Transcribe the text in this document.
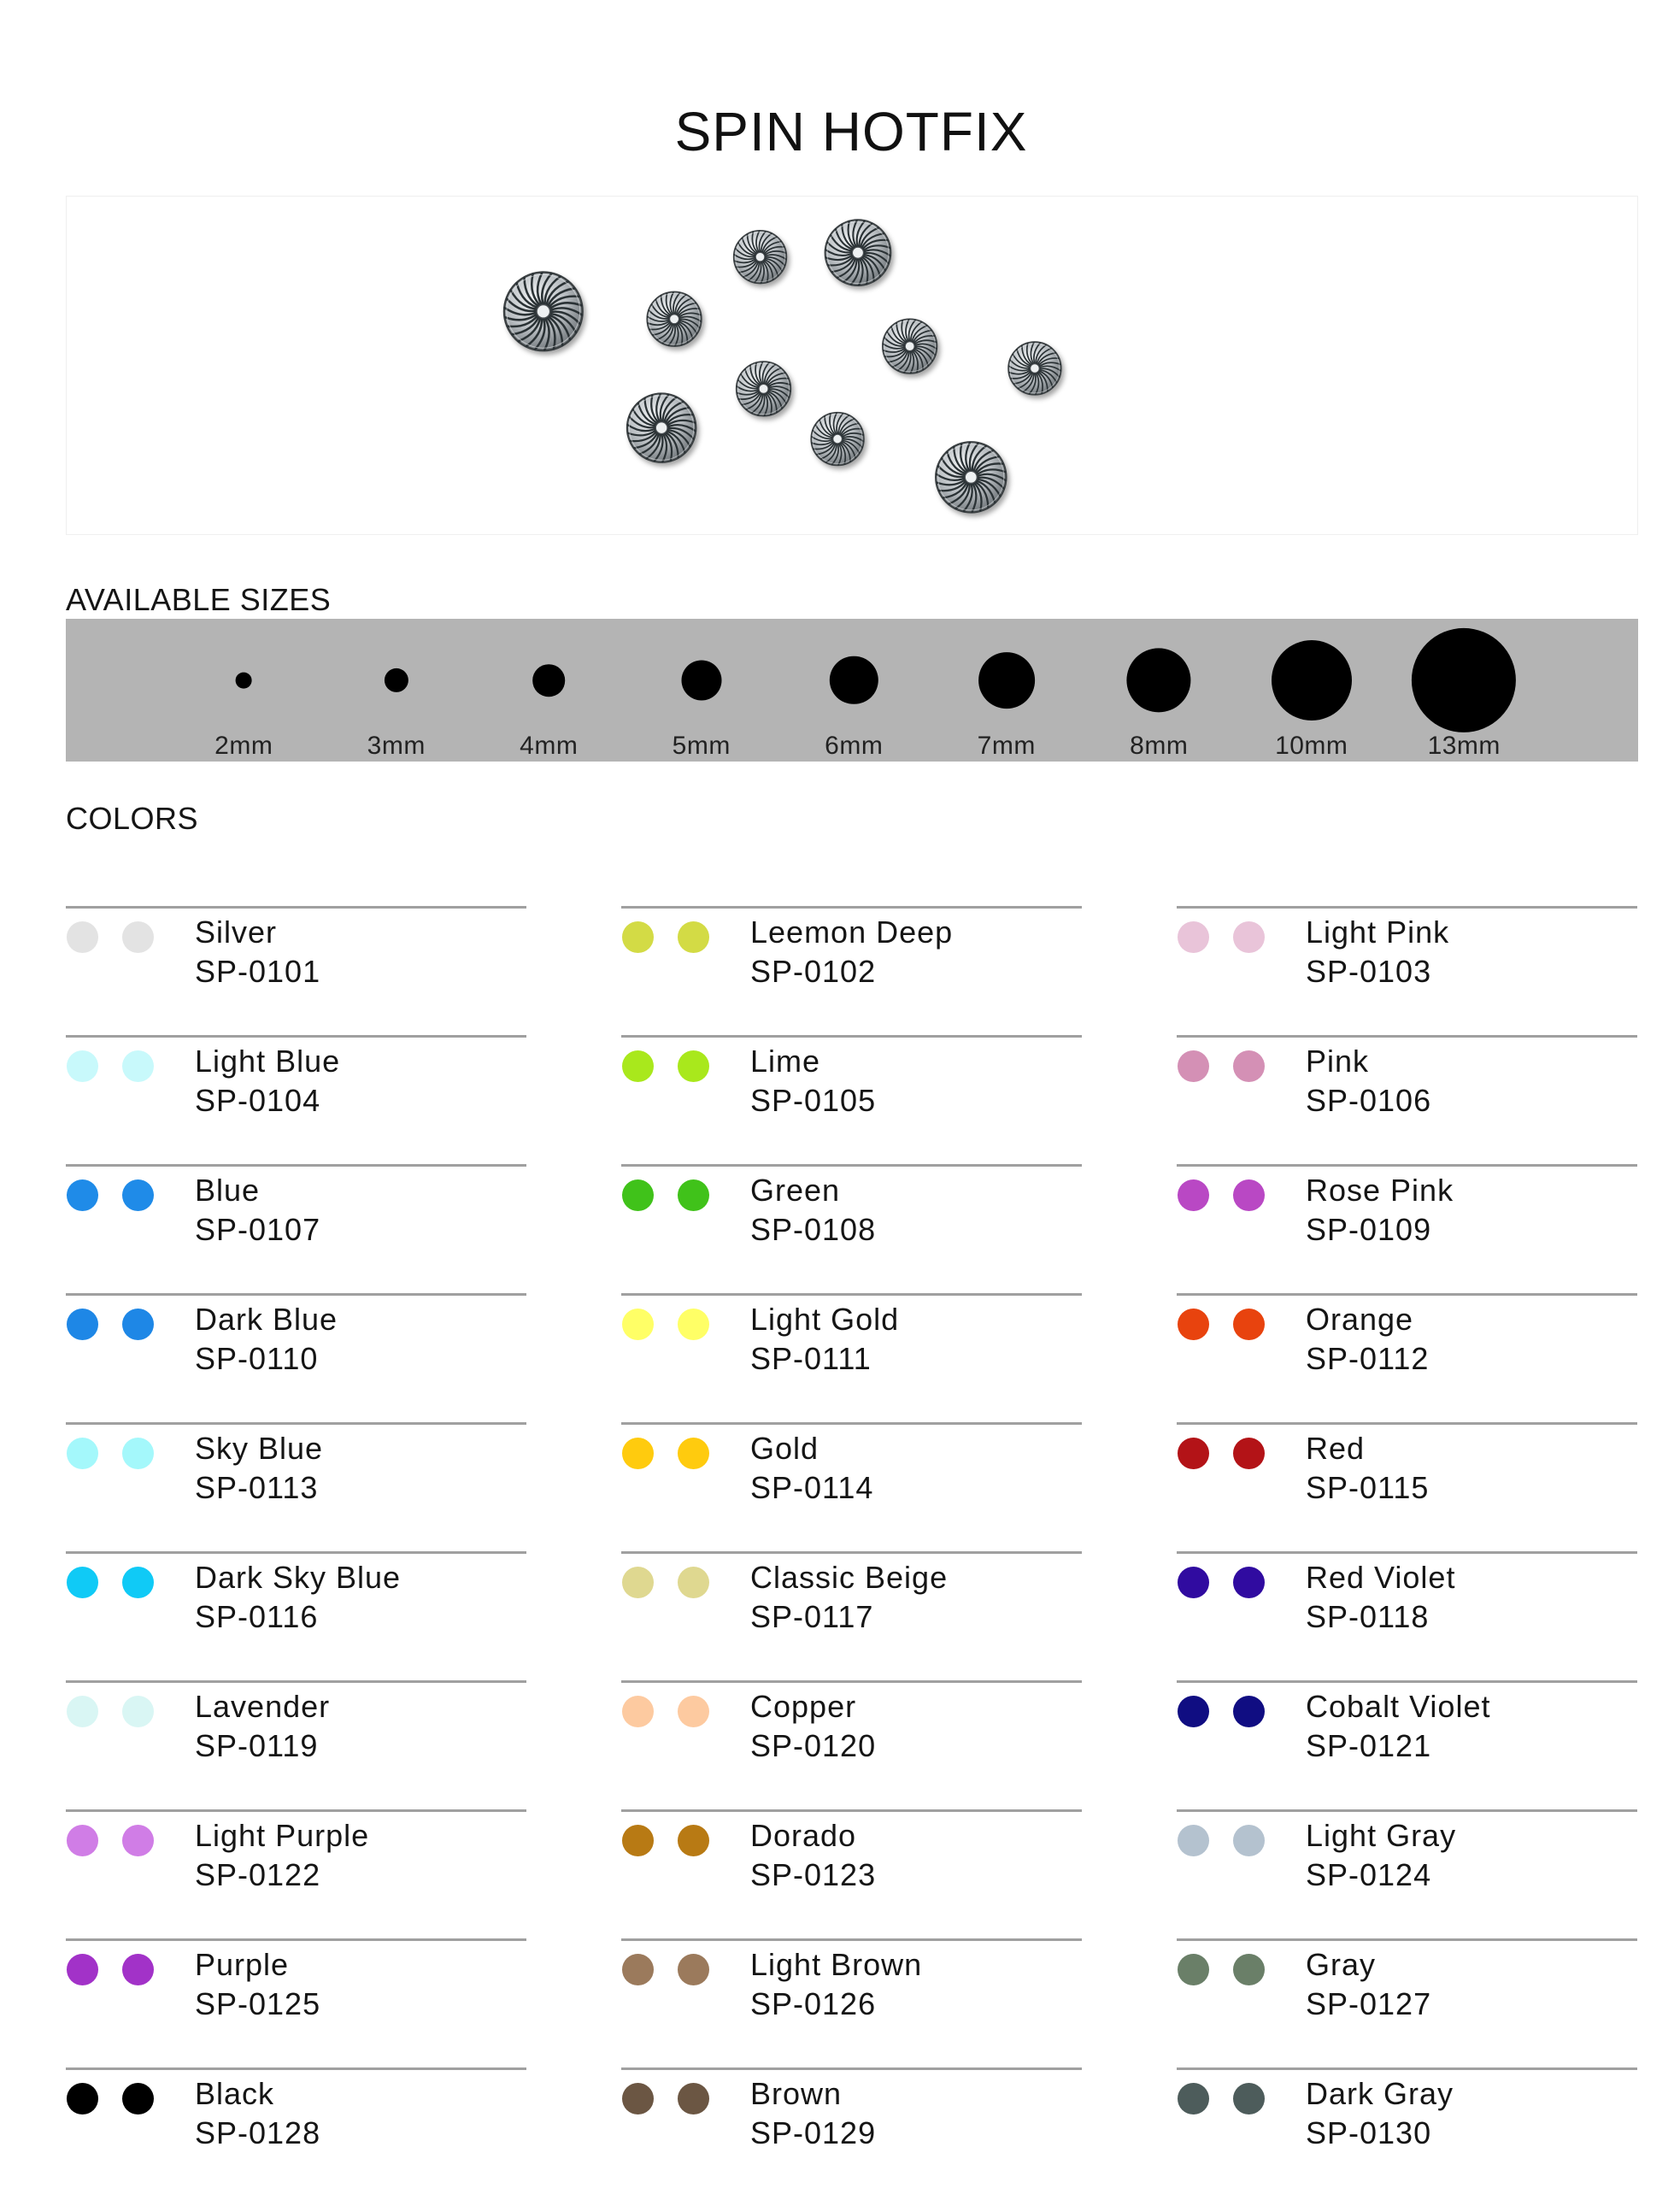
SPIN HOTFIX
AVAILABLE SIZES
2mm	3mm	4mm	5mm	6mm	7mm	8mm	10mm	13mm
COLORS
Silver
SP-0101
Leemon Deep
SP-0102
Light Pink
SP-0103
Light Blue
SP-0104
Lime
SP-0105
Pink
SP-0106
Blue
SP-0107
Green
SP-0108
Rose Pink
SP-0109
Dark Blue
SP-0110
Light Gold
SP-0111
Orange
SP-0112
Sky Blue
SP-0113
Gold
SP-0114
Red
SP-0115
Dark Sky Blue
SP-0116
Classic Beige
SP-0117
Red Violet
SP-0118
Lavender
SP-0119
Copper
SP-0120
Cobalt Violet
SP-0121
Light Purple
SP-0122
Dorado
SP-0123
Light Gray
SP-0124
Purple
SP-0125
Light Brown
SP-0126
Gray
SP-0127
Black
SP-0128
Brown
SP-0129
Dark Gray
SP-0130
